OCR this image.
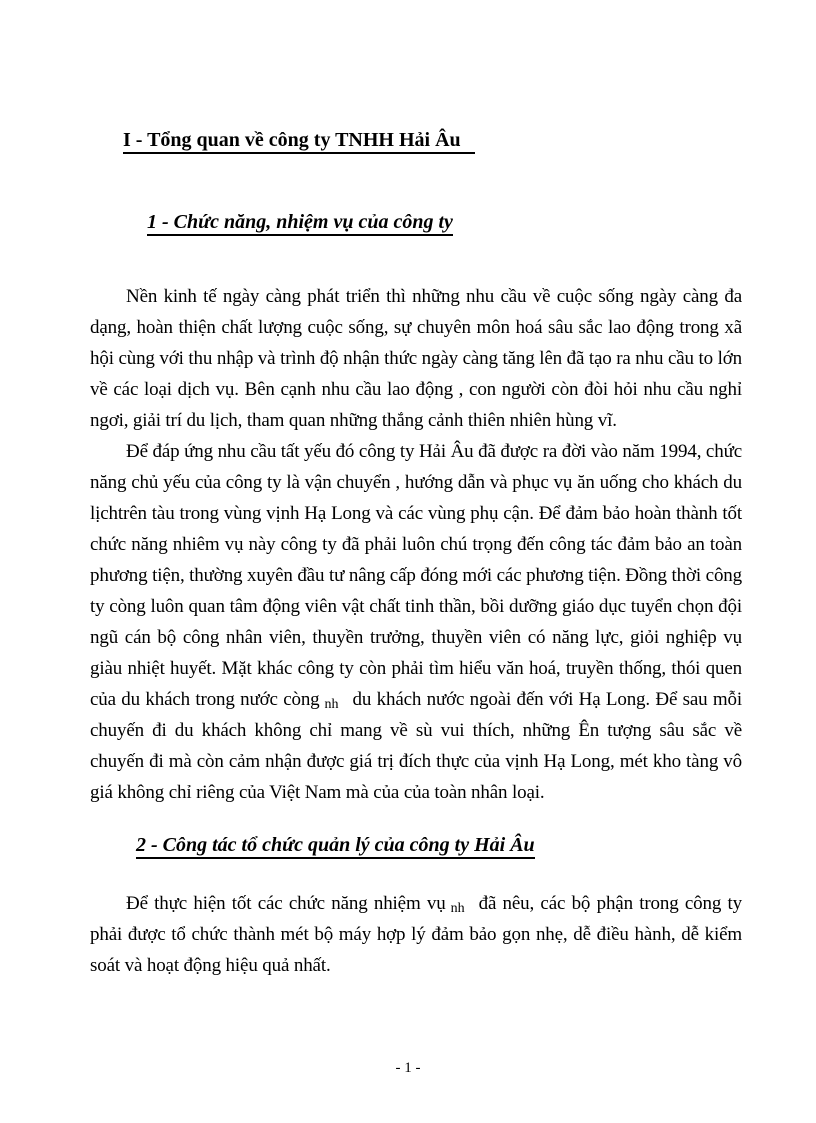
I - Tổng quan về công ty TNHH Hải Âu
1 - Chức năng, nhiệm vụ của công ty

Nền kinh tế ngày càng phát triển thì những nhu cầu về cuộc sống ngày càng đa dạng, hoàn thiện chất lượng cuộc sống, sự chuyên môn hoá sâu sắc lao động trong xã hội cùng với thu nhập và trình độ nhận thức ngày càng tăng lên đã tạo ra nhu cầu to lớn về các loại dịch vụ. Bên cạnh nhu cầu lao động , con người còn đòi hỏi nhu cầu nghỉ ngơi, giải trí du lịch, tham quan những thắng cảnh thiên nhiên hùng vĩ.

Để đáp ứng nhu cầu tất yếu đó công ty Hải Âu đã được ra đời vào năm 1994, chức năng chủ yếu của công ty là vận chuyển , hướng dẫn và phục vụ ăn uống cho khách du lịchtrên tàu trong vùng vịnh Hạ Long và các vùng phụ cận. Để đảm bảo hoàn thành tốt chức năng nhiêm vụ này công ty đã phải luôn chú trọng đến công tác đảm bảo an toàn phương tiện, thường xuyên đầu tư nâng cấp đóng mới các phương tiện. Đồng thời công ty còng luôn quan tâm động viên vật chất tinh thần, bồi dưỡng giáo dục tuyển chọn đội ngũ cán bộ công nhân viên, thuyền trưởng, thuyền viên có năng lực, giỏi nghiệp vụ giàu nhiệt huyết. Mặt khác công ty còn phải tìm hiểu văn hoá, truyền thống, thói quen của du khách trong nước còng nh du khách nước ngoài đến với Hạ Long. Để sau mỗi chuyến đi du khách không chỉ mang về sù vui thích, những Ên tượng sâu sắc về chuyến đi mà còn cảm nhận được giá trị đích thực của vịnh Hạ Long, mét kho tàng vô giá không chỉ riêng của Việt Nam mà của của toàn nhân loại.

2 - Công tác tổ chức quản lý của công ty Hải Âu

Để thực hiện tốt các chức năng nhiệm vụ nh đã nêu, các bộ phận trong công ty phải được tổ chức thành mét bộ máy hợp lý đảm bảo gọn nhẹ, dễ điều hành, dễ kiểm soát và hoạt động hiệu quả nhất.

- 1 -
